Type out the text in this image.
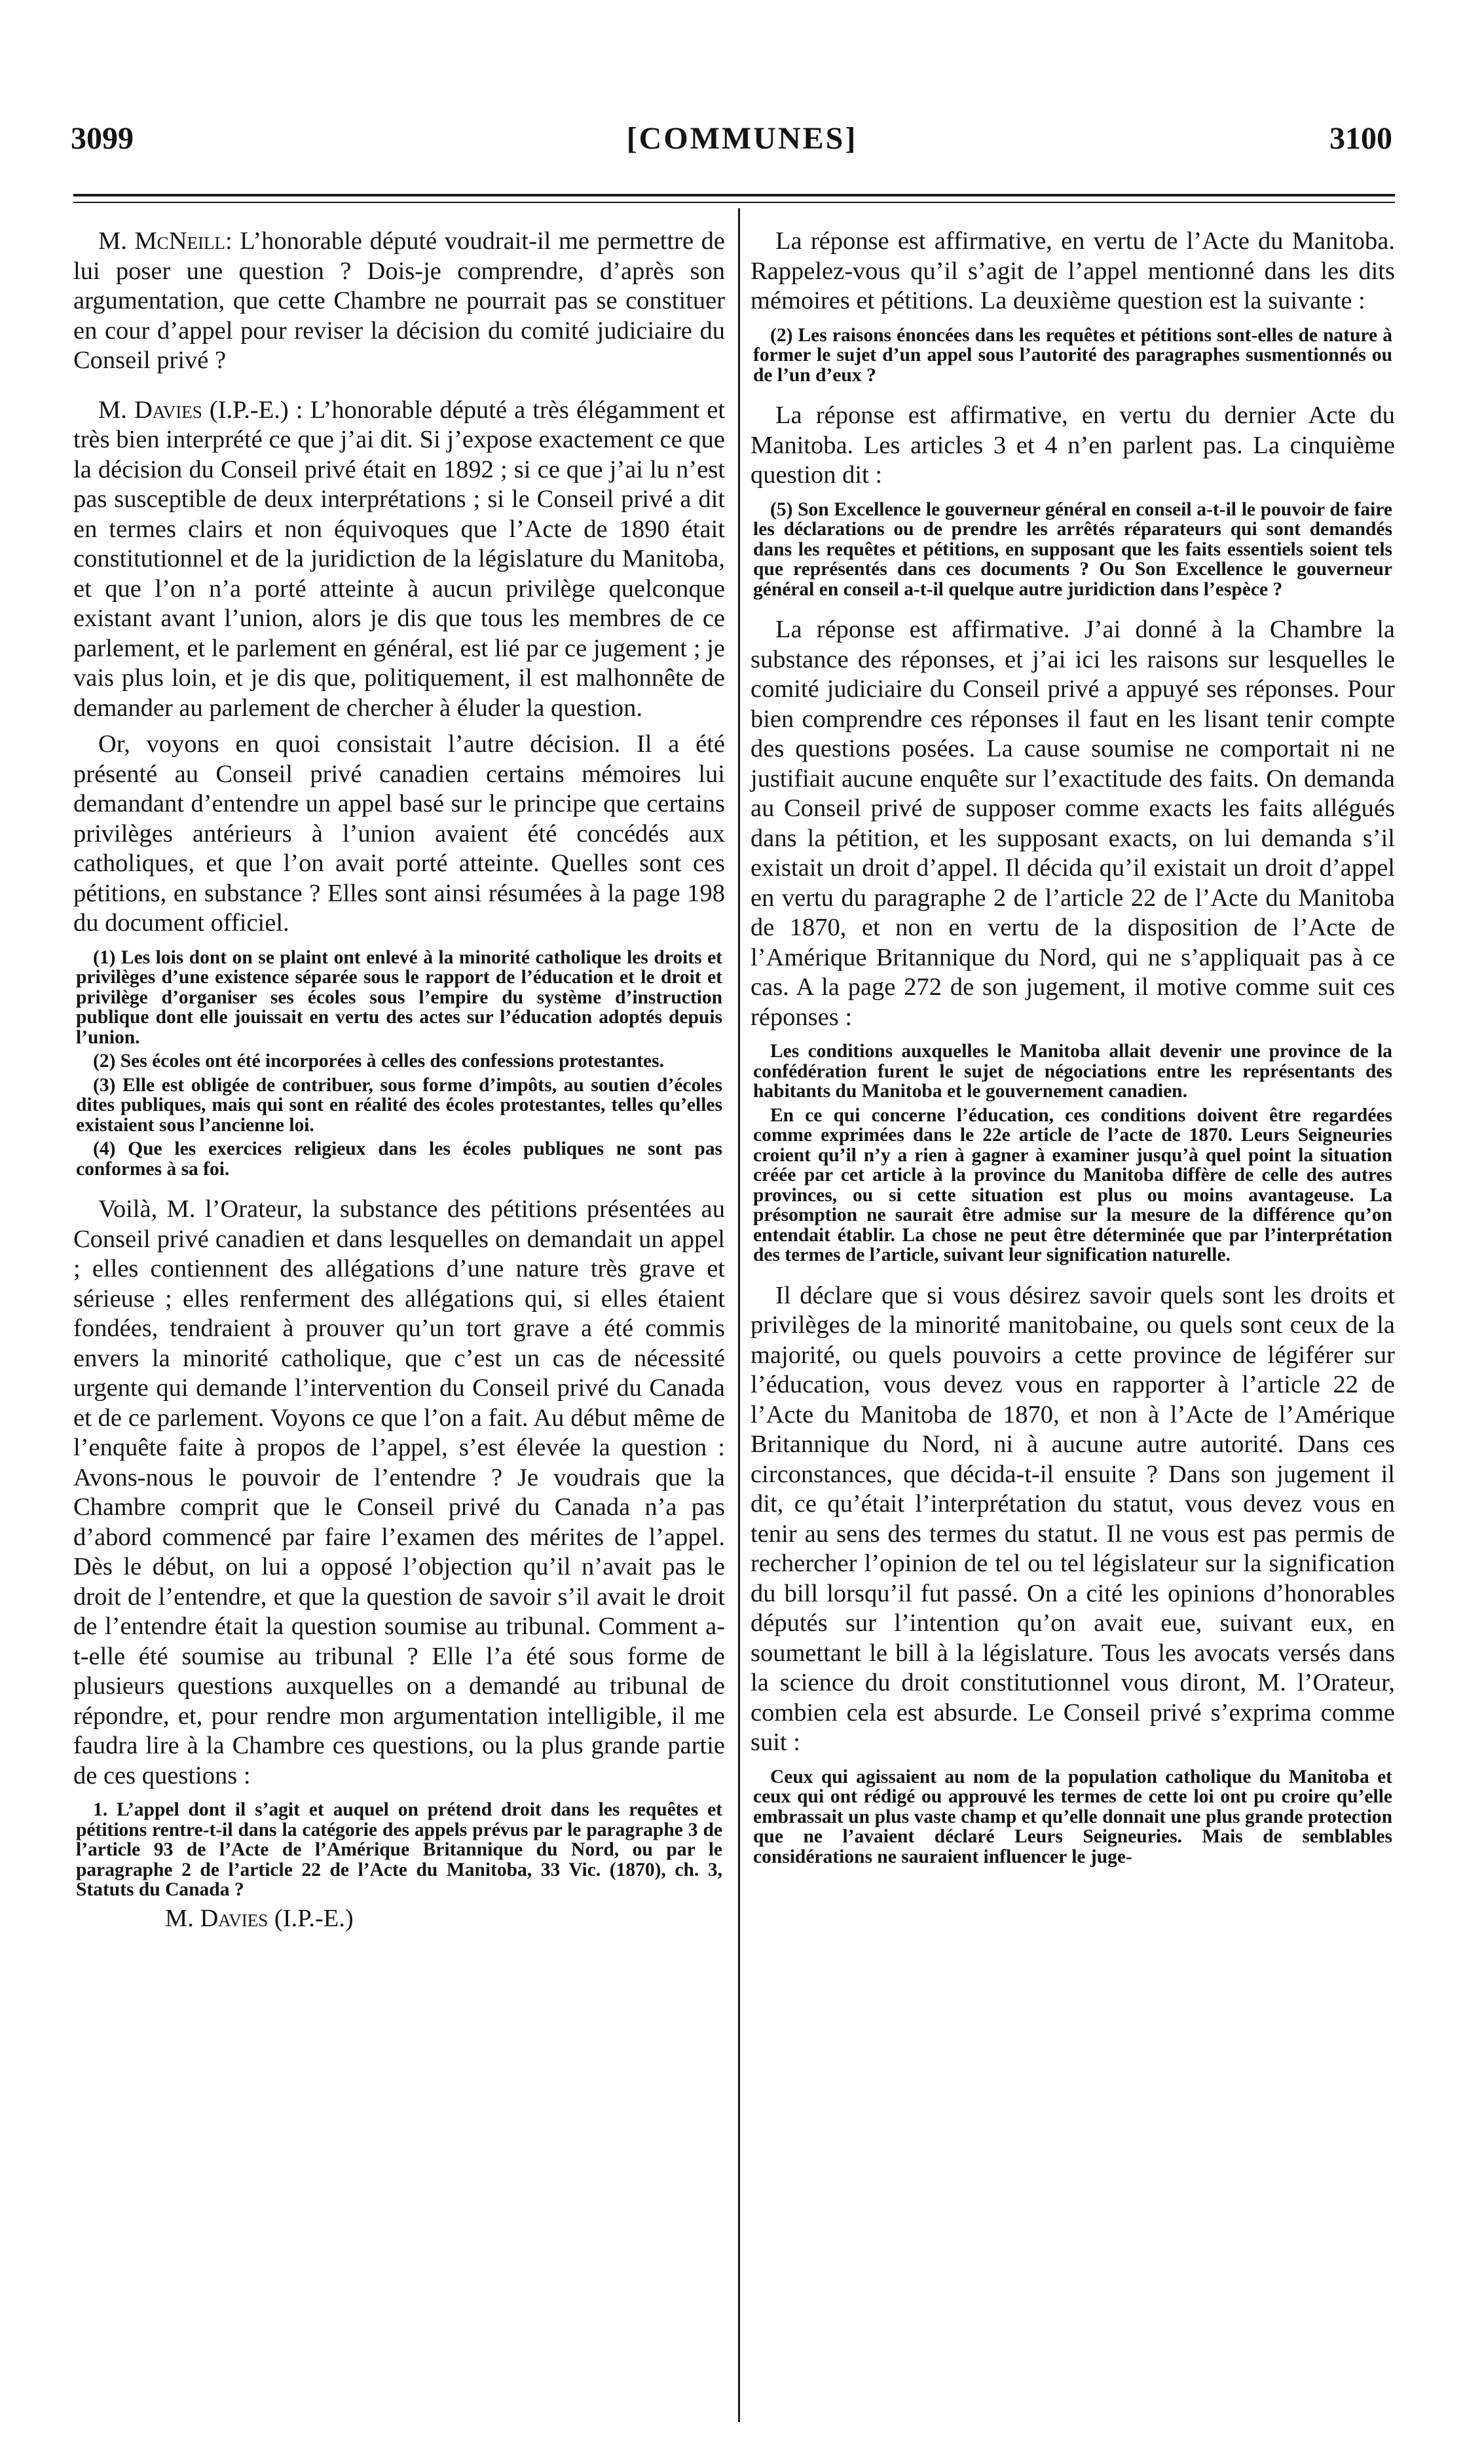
3099	[COMMUNES]	3100

M. McNeill: L’honorable député voudrait-il me permettre de lui poser une question ? Dois-je comprendre, d’après son argumentation, que cette Chambre ne pourrait pas se constituer en cour d’appel pour reviser la décision du comité judiciaire du Conseil privé ?

M. Davies (I.P.-E.) : L’honorable député a très élégamment et très bien interprété ce que j’ai dit. Si j’expose exactement ce que la décision du Conseil privé était en 1892 ; si ce que j’ai lu n’est pas susceptible de deux interprétations ; si le Conseil privé a dit en termes clairs et non équivoques que l’Acte de 1890 était constitutionnel et de la juridiction de la législature du Manitoba, et que l’on n’a porté atteinte à aucun privilège quelconque existant avant l’union, alors je dis que tous les membres de ce parlement, et le parlement en général, est lié par ce jugement ; je vais plus loin, et je dis que, politiquement, il est malhonnête de demander au parlement de chercher à éluder la question.

Or, voyons en quoi consistait l’autre décision. Il a été présenté au Conseil privé canadien certains mémoires lui demandant d’entendre un appel basé sur le principe que certains privilèges antérieurs à l’union avaient été concédés aux catholiques, et que l’on avait porté atteinte. Quelles sont ces pétitions, en substance ? Elles sont ainsi résumées à la page 198 du document officiel.

(1) Les lois dont on se plaint ont enlevé à la minorité catholique les droits et privilèges d’une existence séparée sous le rapport de l’éducation et le droit et privilège d’organiser ses écoles sous l’empire du système d’instruction publique dont elle jouissait en vertu des actes sur l’éducation adoptés depuis l’union.

(2) Ses écoles ont été incorporées à celles des confessions protestantes.

(3) Elle est obligée de contribuer, sous forme d’impôts, au soutien d’écoles dites publiques, mais qui sont en réalité des écoles protestantes, telles qu’elles existaient sous l’ancienne loi.

(4) Que les exercices religieux dans les écoles publiques ne sont pas conformes à sa foi.

Voilà, M. l’Orateur, la substance des pétitions présentées au Conseil privé canadien et dans lesquelles on demandait un appel ; elles contiennent des allégations d’une nature très grave et sérieuse ; elles renferment des allégations qui, si elles étaient fondées, tendraient à prouver qu’un tort grave a été commis envers la minorité catholique, que c’est un cas de nécessité urgente qui demande l’intervention du Conseil privé du Canada et de ce parlement. Voyons ce que l’on a fait. Au début même de l’enquête faite à propos de l’appel, s’est élevée la question : Avons-nous le pouvoir de l’entendre ? Je voudrais que la Chambre comprit que le Conseil privé du Canada n’a pas d’abord commencé par faire l’examen des mérites de l’appel. Dès le début, on lui a opposé l’objection qu’il n’avait pas le droit de l’entendre, et que la question de savoir s’il avait le droit de l’entendre était la question soumise au tribunal. Comment a-t-elle été soumise au tribunal ? Elle l’a été sous forme de plusieurs questions auxquelles on a demandé au tribunal de répondre, et, pour rendre mon argumentation intelligible, il me faudra lire à la Chambre ces questions, ou la plus grande partie de ces questions :

1. L’appel dont il s’agit et auquel on prétend droit dans les requêtes et pétitions rentre-t-il dans la catégorie des appels prévus par le paragraphe 3 de l’article 93 de l’Acte de l’Amérique Britannique du Nord, ou par le paragraphe 2 de l’article 22 de l’Acte du Manitoba, 33 Vic. (1870), ch. 3, Statuts du Canada ?

M. Davies (I.P.-E.)

La réponse est affirmative, en vertu de l’Acte du Manitoba. Rappelez-vous qu’il s’agit de l’appel mentionné dans les dits mémoires et pétitions. La deuxième question est la suivante :

(2) Les raisons énoncées dans les requêtes et pétitions sont-elles de nature à former le sujet d’un appel sous l’autorité des paragraphes susmentionnés ou de l’un d’eux ?

La réponse est affirmative, en vertu du dernier Acte du Manitoba. Les articles 3 et 4 n’en parlent pas. La cinquième question dit :

(5) Son Excellence le gouverneur général en conseil a-t-il le pouvoir de faire les déclarations ou de prendre les arrêtés réparateurs qui sont demandés dans les requêtes et pétitions, en supposant que les faits essentiels soient tels que représentés dans ces documents ? Ou Son Excellence le gouverneur général en conseil a-t-il quelque autre juridiction dans l’espèce ?

La réponse est affirmative. J’ai donné à la Chambre la substance des réponses, et j’ai ici les raisons sur lesquelles le comité judiciaire du Conseil privé a appuyé ses réponses. Pour bien comprendre ces réponses il faut en les lisant tenir compte des questions posées. La cause soumise ne comportait ni ne justifiait aucune enquête sur l’exactitude des faits. On demanda au Conseil privé de supposer comme exacts les faits allégués dans la pétition, et les supposant exacts, on lui demanda s’il existait un droit d’appel. Il décida qu’il existait un droit d’appel en vertu du paragraphe 2 de l’article 22 de l’Acte du Manitoba de 1870, et non en vertu de la disposition de l’Acte de l’Amérique Britannique du Nord, qui ne s’appliquait pas à ce cas. A la page 272 de son jugement, il motive comme suit ces réponses :

Les conditions auxquelles le Manitoba allait devenir une province de la confédération furent le sujet de négociations entre les représentants des habitants du Manitoba et le gouvernement canadien.

En ce qui concerne l’éducation, ces conditions doivent être regardées comme exprimées dans le 22e article de l’acte de 1870. Leurs Seigneuries croient qu’il n’y a rien à gagner à examiner jusqu’à quel point la situation créée par cet article à la province du Manitoba diffère de celle des autres provinces, ou si cette situation est plus ou moins avantageuse. La présomption ne saurait être admise sur la mesure de la différence qu’on entendait établir. La chose ne peut être déterminée que par l’interprétation des termes de l’article, suivant leur signification naturelle.

Il déclare que si vous désirez savoir quels sont les droits et privilèges de la minorité manitobaine, ou quels sont ceux de la majorité, ou quels pouvoirs a cette province de légiférer sur l’éducation, vous devez vous en rapporter à l’article 22 de l’Acte du Manitoba de 1870, et non à l’Acte de l’Amérique Britannique du Nord, ni à aucune autre autorité. Dans ces circonstances, que décida-t-il ensuite ? Dans son jugement il dit, ce qu’était l’interprétation du statut, vous devez vous en tenir au sens des termes du statut. Il ne vous est pas permis de rechercher l’opinion de tel ou tel législateur sur la signification du bill lorsqu’il fut passé. On a cité les opinions d’honorables députés sur l’intention qu’on avait eue, suivant eux, en soumettant le bill à la législature. Tous les avocats versés dans la science du droit constitutionnel vous diront, M. l’Orateur, combien cela est absurde. Le Conseil privé s’exprima comme suit :

Ceux qui agissaient au nom de la population catholique du Manitoba et ceux qui ont rédigé ou approuvé les termes de cette loi ont pu croire qu’elle embrassait un plus vaste champ et qu’elle donnait une plus grande protection que ne l’avaient déclaré Leurs Seigneuries. Mais de semblables considérations ne sauraient influencer le juge-
